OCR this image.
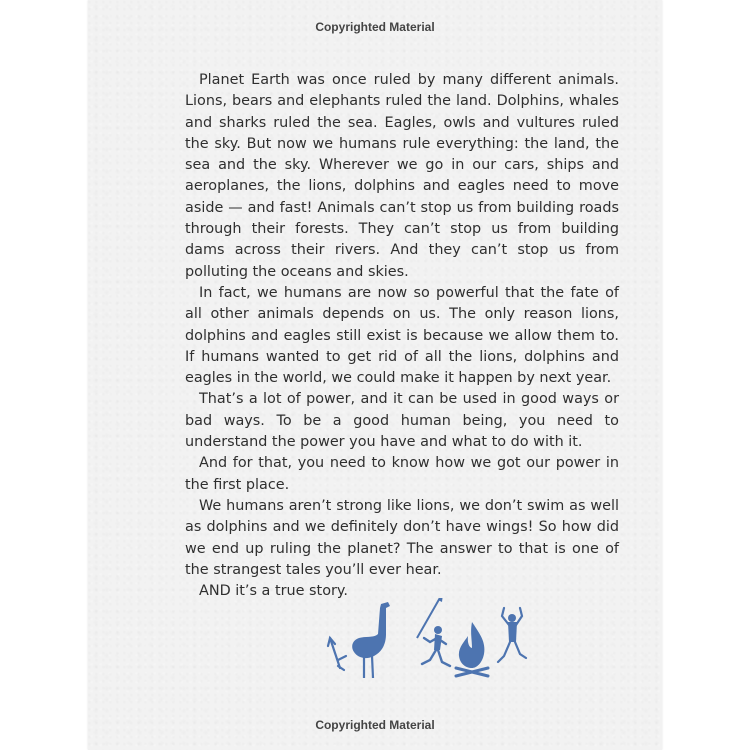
Copyrighted Material

Planet Earth was once ruled by many different animals. Lions, bears and elephants ruled the land. Dolphins, whales and sharks ruled the sea. Eagles, owls and vultures ruled the sky. But now we humans rule everything: the land, the sea and the sky. Wherever we go in our cars, ships and aeroplanes, the lions, dolphins and eagles need to move aside — and fast! Animals can’t stop us from building roads through their forests. They can’t stop us from building dams across their rivers. And they can’t stop us from polluting the oceans and skies.

In fact, we humans are now so powerful that the fate of all other animals depends on us. The only reason lions, dolphins and eagles still exist is because we allow them to. If humans wanted to get rid of all the lions, dolphins and eagles in the world, we could make it happen by next year.

That’s a lot of power, and it can be used in good ways or bad ways. To be a good human being, you need to understand the power you have and what to do with it.

And for that, you need to know how we got our power in the first place.

We humans aren’t strong like lions, we don’t swim as well as dolphins and we definitely don’t have wings! So how did we end up ruling the planet? The answer to that is one of the strangest tales you’ll ever hear.

AND it’s a true story.

Copyrighted Material
